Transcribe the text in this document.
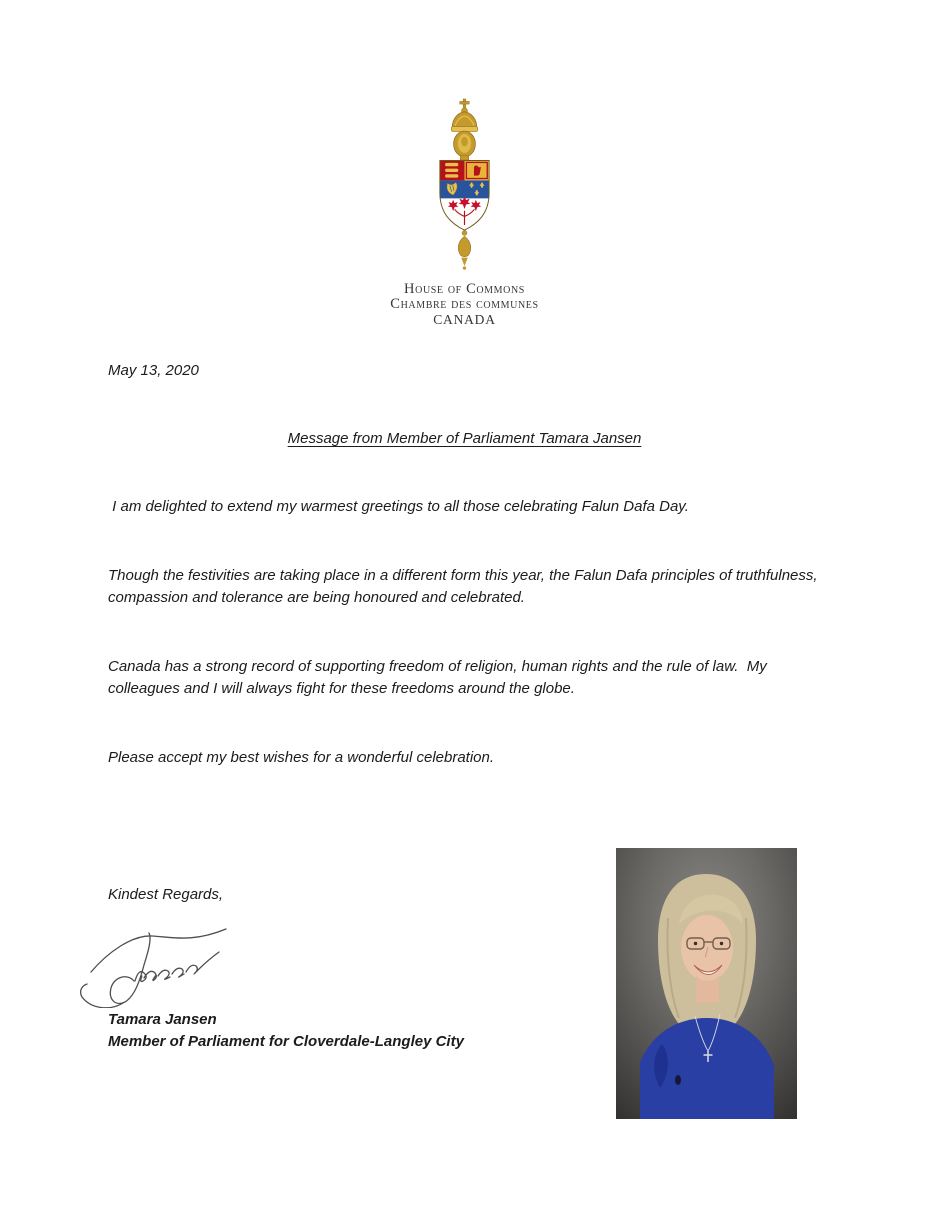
House of Commons
Chambre des communes
CANADA
May 13, 2020
Message from Member of Parliament Tamara Jansen

I am delighted to extend my warmest greetings to all those celebrating Falun Dafa Day.

Though the festivities are taking place in a different form this year, the Falun Dafa principles of truthfulness, compassion and tolerance are being honoured and celebrated.

Canada has a strong record of supporting freedom of religion, human rights and the rule of law.  My colleagues and I will always fight for these freedoms around the globe.

Please accept my best wishes for a wonderful celebration.

Kindest Regards,
Tamara Jansen
Member of Parliament for Cloverdale-Langley City
